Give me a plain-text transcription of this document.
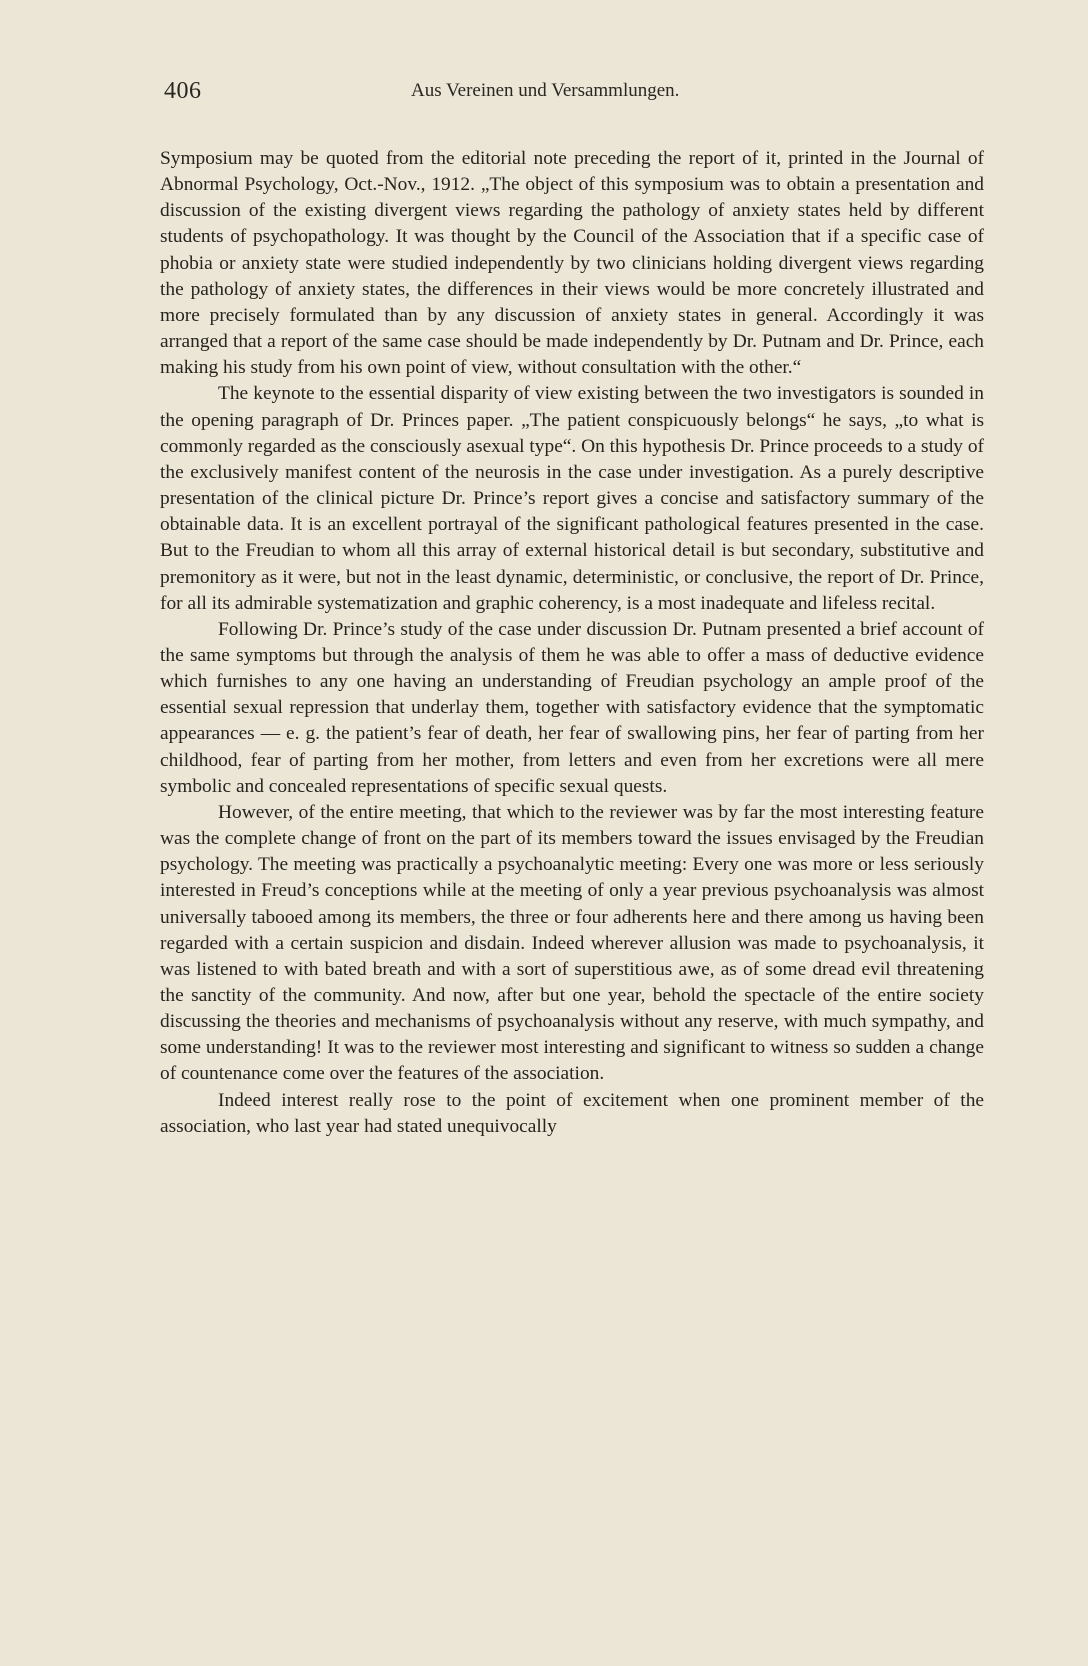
406	Aus Vereinen und Versammlungen.

Symposium may be quoted from the editorial note preceding the report of it, printed in the Journal of Abnormal Psychology, Oct.-Nov., 1912. „The object of this symposium was to obtain a presentation and discussion of the existing divergent views regarding the pathology of anxiety states held by different students of psychopathology. It was thought by the Council of the Association that if a specific case of phobia or anxiety state were studied independently by two clinicians holding divergent views regarding the pathology of anxiety states, the differences in their views would be more concretely illustrated and more precisely formulated than by any discussion of anxiety states in general. Accordingly it was arranged that a report of the same case should be made independently by Dr. Putnam and Dr. Prince, each making his study from his own point of view, without consultation with the other.“

The keynote to the essential disparity of view existing between the two investigators is sounded in the opening paragraph of Dr. Princes paper. „The patient conspicuously belongs“ he says, „to what is commonly regarded as the consciously asexual type“. On this hypothesis Dr. Prince proceeds to a study of the exclusively manifest content of the neurosis in the case under investigation. As a purely descriptive presentation of the clinical picture Dr. Prince’s report gives a concise and satisfactory summary of the obtainable data. It is an excellent portrayal of the significant pathological features presented in the case. But to the Freudian to whom all this array of external historical detail is but secondary, substitutive and premonitory as it were, but not in the least dynamic, deterministic, or conclusive, the report of Dr. Prince, for all its admirable systematization and graphic coherency, is a most inadequate and lifeless recital.

Following Dr. Prince’s study of the case under discussion Dr. Putnam presented a brief account of the same symptoms but through the analysis of them he was able to offer a mass of deductive evidence which furnishes to any one having an understanding of Freudian psychology an ample proof of the essential sexual repression that underlay them, together with satisfactory evidence that the symptomatic appearances — e. g. the patient’s fear of death, her fear of swallowing pins, her fear of parting from her childhood, fear of parting from her mother, from letters and even from her excretions were all mere symbolic and concealed representations of specific sexual quests.

However, of the entire meeting, that which to the reviewer was by far the most interesting feature was the complete change of front on the part of its members toward the issues envisaged by the Freudian psychology. The meeting was practically a psychoanalytic meeting: Every one was more or less seriously interested in Freud’s conceptions while at the meeting of only a year previous psychoanalysis was almost universally tabooed among its members, the three or four adherents here and there among us having been regarded with a certain suspicion and disdain. Indeed wherever allusion was made to psychoanalysis, it was listened to with bated breath and with a sort of superstitious awe, as of some dread evil threatening the sanctity of the community. And now, after but one year, behold the spectacle of the entire society discussing the theories and mechanisms of psychoanalysis without any reserve, with much sympathy, and some understanding! It was to the reviewer most interesting and significant to witness so sudden a change of countenance come over the features of the association.

Indeed interest really rose to the point of excitement when one prominent member of the association, who last year had stated unequivocally
